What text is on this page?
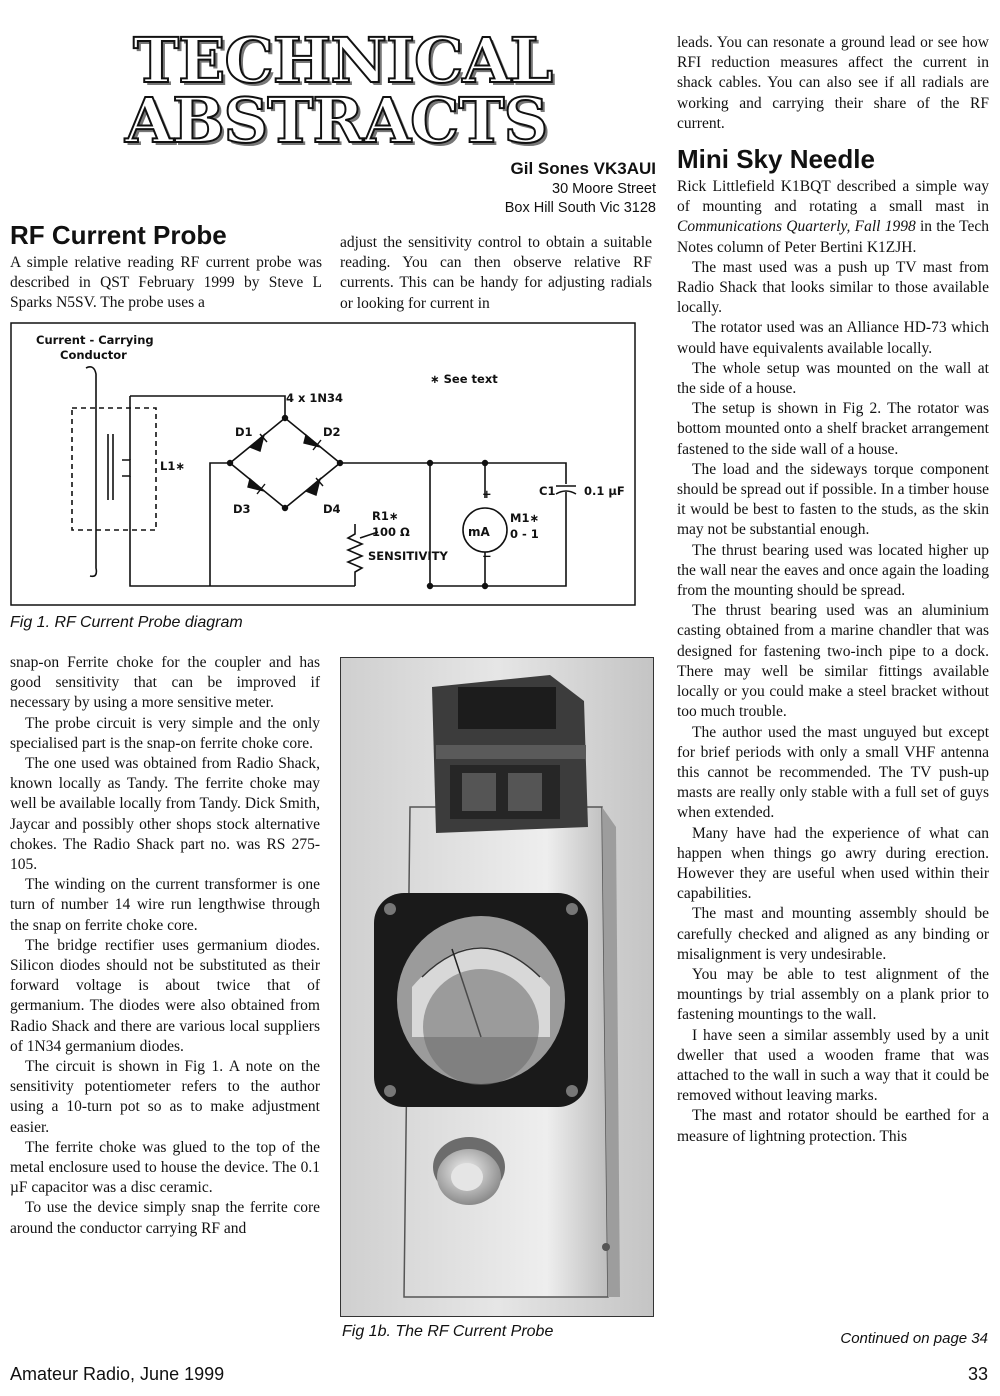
TECHNICAL
ABSTRACTS
Gil Sones VK3AUI
30 Moore Street
Box Hill South Vic 3128
RF Current Probe

A simple relative reading RF current probe was described in QST February 1999 by Steve L Sparks N5SV. The probe uses a

adjust the sensitivity control to obtain a suitable reading. You can then observe relative RF currents. This can be handy for adjusting radials or looking for current in

Current - Carrying
Conductor
∗ See text
4 x 1N34
L1∗
D1	D2
D3	D4	R1∗
100 Ω
SENSITIVITY
C1 0.1 µF
mA
M1∗
0 - 1
+
−
Fig 1. RF Current Probe diagram

snap-on Ferrite choke for the coupler and has good sensitivity that can be improved if necessary by using a more sensitive meter.

The probe circuit is very simple and the only specialised part is the snap-on ferrite choke core.

The one used was obtained from Radio Shack, known locally as Tandy. The ferrite choke may well be available locally from Tandy. Dick Smith, Jaycar and possibly other shops stock alternative chokes. The Radio Shack part no. was RS 275-105.

The winding on the current transformer is one turn of number 14 wire run lengthwise through the snap on ferrite choke core.

The bridge rectifier uses germanium diodes. Silicon diodes should not be substituted as their forward voltage is about twice that of germanium. The diodes were also obtained from Radio Shack and there are various local suppliers of 1N34 germanium diodes.

The circuit is shown in Fig 1. A note on the sensitivity potentiometer refers to the author using a 10-turn pot so as to make adjustment easier.

The ferrite choke was glued to the top of the metal enclosure used to house the device. The 0.1 µF capacitor was a disc ceramic.

To use the device simply snap the ferrite core around the conductor carrying RF and

Fig 1b. The RF Current Probe

leads. You can resonate a ground lead or see how RFI reduction measures affect the current in shack cables. You can also see if all radials are working and carrying their share of the RF current.

Mini Sky Needle

Rick Littlefield K1BQT described a simple way of mounting and rotating a small mast in Communications Quarterly, Fall 1998 in the Tech Notes column of Peter Bertini K1ZJH.

The mast used was a push up TV mast from Radio Shack that looks similar to those available locally.

The rotator used was an Alliance HD-73 which would have equivalents available locally.

The whole setup was mounted on the wall at the side of a house.

The setup is shown in Fig 2. The rotator was bottom mounted onto a shelf bracket arrangement fastened to the side wall of a house.

The load and the sideways torque component should be spread out if possible. In a timber house it would be best to fasten to the studs, as the skin may not be substantial enough.

The thrust bearing used was located higher up the wall near the eaves and once again the loading from the mounting should be spread.

The thrust bearing used was an aluminium casting obtained from a marine chandler that was designed for fastening two-inch pipe to a dock. There may well be similar fittings available locally or you could make a steel bracket without too much trouble.

The author used the mast unguyed but except for brief periods with only a small VHF antenna this cannot be recommended. The TV push-up masts are really only stable with a full set of guys when extended.

Many have had the experience of what can happen when things go awry during erection. However they are useful when used within their capabilities.

The mast and mounting assembly should be carefully checked and aligned as any binding or misalignment is very undesirable.

You may be able to test alignment of the mountings by trial assembly on a plank prior to fastening mountings to the wall.

I have seen a similar assembly used by a unit dweller that used a wooden frame that was attached to the wall in such a way that it could be removed without leaving marks.

The mast and rotator should be earthed for a measure of lightning protection. This

Continued on page 34
Amateur Radio, June 1999	33
